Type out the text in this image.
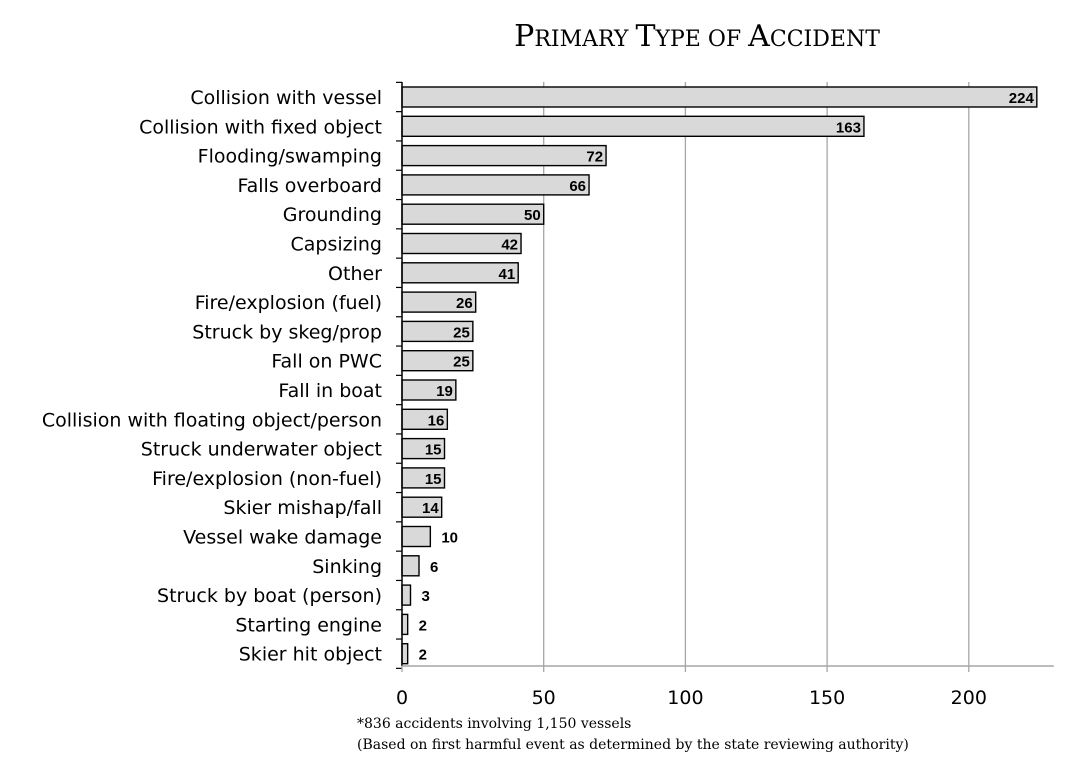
PRIMARY TYPE OF ACCIDENT
0	50	100	150	200
Collision with vessel	224
Collision with fixed object	163
Flooding/swamping	72
Falls overboard	66
Grounding	50
Capsizing	42
Other	41
Fire/explosion (fuel)	26
Struck by skeg/prop	25
Fall on PWC	25
Fall in boat	19
Collision with floating object/person	16
Struck underwater object	15
Fire/explosion (non-fuel)	15
Skier mishap/fall	14
Vessel wake damage	10
Sinking	6
Struck by boat (person)	3
Starting engine 2
Skier hit object 2
*836 accidents involving 1,150 vessels
(Based on first harmful event as determined by the state reviewing authority)
